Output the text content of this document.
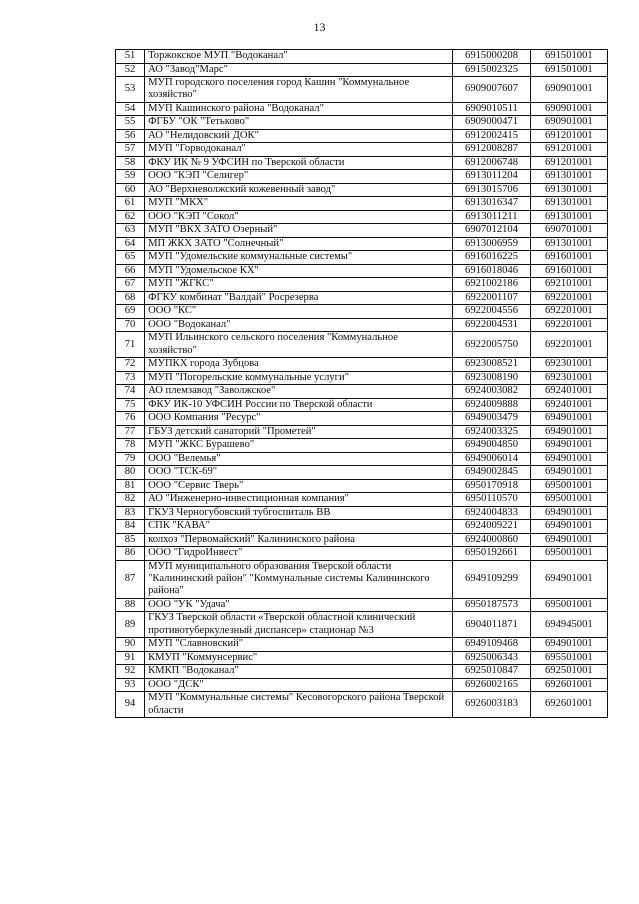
13
51	Торжокское МУП "Водоканал"	6915000208	691501001
52	АО "Завод"Марс"	6915002325	691501001
53	МУП городского поселения город Кашин "Коммунальное хозяйство"	6909007607	690901001
54	МУП Кашинского района "Водоканал"	6909010511	690901001
55	ФГБУ "ОК "Тетьково"	6909000471	690901001
56	АО "Нелидовский ДОК"	6912002415	691201001
57	МУП "Горводоканал"	6912008287	691201001
58	ФКУ ИК № 9 УФСИН по Тверской области	6912006748	691201001
59	ООО "КЭП "Селигер"	6913011204	691301001
60	АО "Верхневолжский кожевенный завод"	6913015706	691301001
61	МУП "МКХ"	6913016347	691301001
62	ООО "КЭП "Сокол"	6913011211	691301001
63	МУП "ВКХ ЗАТО Озерный"	6907012104	690701001
64	МП ЖКХ ЗАТО "Солнечный"	6913006959	691301001
65	МУП "Удомельские коммунальные системы"	6916016225	691601001
66	МУП "Удомельское КХ"	6916018046	691601001
67	МУП "ЖГКС"	6921002186	692101001
68	ФГКУ комбинат "Валдай" Росрезерва	6922001107	692201001
69	ООО "КС"	6922004556	692201001
70	ООО "Водоканал"	6922004531	692201001
71	МУП Ильинского сельского поселения "Коммунальное хозяйство"	6922005750	692201001
72	МУПКХ города Зубцова	6923008521	692301001
73	МУП "Погорельские коммунальные услуги"	6923008190	692301001
74	АО племзавод "Заволжское"	6924003082	692401001
75	ФКУ ИК-10 УФСИН России по Тверской области	6924009888	692401001
76	ООО Компания "Ресурс"	6949003479	694901001
77	ГБУЗ детский санаторий "Прометей"	6924003325	694901001
78	МУП "ЖКС Бурашево"	6949004850	694901001
79	ООО "Велемья"	6949006014	694901001
80	ООО "ТСК-69"	6949002845	694901001
81	ООО "Сервис Тверь"	6950170918	695001001
82	АО "Инженерно-инвестиционная компания"	6950110570	695001001
83	ГКУЗ Черногубовский тубгоспиталь ВВ	6924004833	694901001
84	СПК "КАВА"	6924009221	694901001
85	колхоз "Первомайский" Калининского района	6924000860	694901001
86	ООО "ГидроИнвест"	6950192661	695001001
87	МУП муниципального образования Тверской области "Калининский район" "Коммунальные системы Калининского района"	6949109299	694901001
88	ООО "УК "Удача"	6950187573	695001001
89	ГКУЗ Тверской области «Тверской областной клинический противотуберкулезный диспансер» стационар №3	6904011871	694945001
90	МУП "Славновский"	6949109468	694901001
91	КМУП "Коммунсервис"	6925006343	695501001
92	КМКП "Водоканал"	6925010847	692501001
93	ООО "ДСК"	6926002165	692601001
94	МУП "Коммунальные системы" Кесовогорского района Тверской области	6926003183	692601001
